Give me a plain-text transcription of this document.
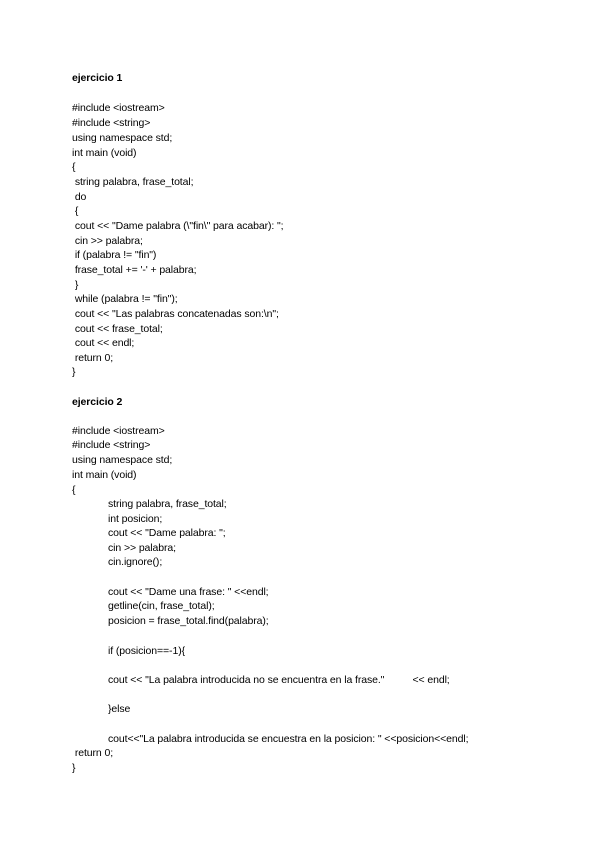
ejercicio 1
#include <iostream>
#include <string>
using namespace std;
int main (void)
{
string palabra, frase_total;
do
{
cout << "Dame palabra (\"fin\" para acabar): ";
cin >> palabra;
if (palabra != "fin")
frase_total += '-' + palabra;
}
while (palabra != "fin");
cout << "Las palabras concatenadas son:\n";
cout << frase_total;
cout << endl;
return 0;
}
ejercicio 2
#include <iostream>
#include <string>
using namespace std;
int main (void)
{
string palabra, frase_total;
int posicion;
cout << "Dame palabra: ";
cin >> palabra;
cin.ignore();
cout << "Dame una frase: " <<endl;
getline(cin, frase_total);
posicion = frase_total.find(palabra);
if (posicion==-1){
cout << "La palabra introducida no se encuentra en la frase."          << endl;
}else
cout<<"La palabra introducida se encuestra en la posicion: " <<posicion<<endl;
return 0;
}
